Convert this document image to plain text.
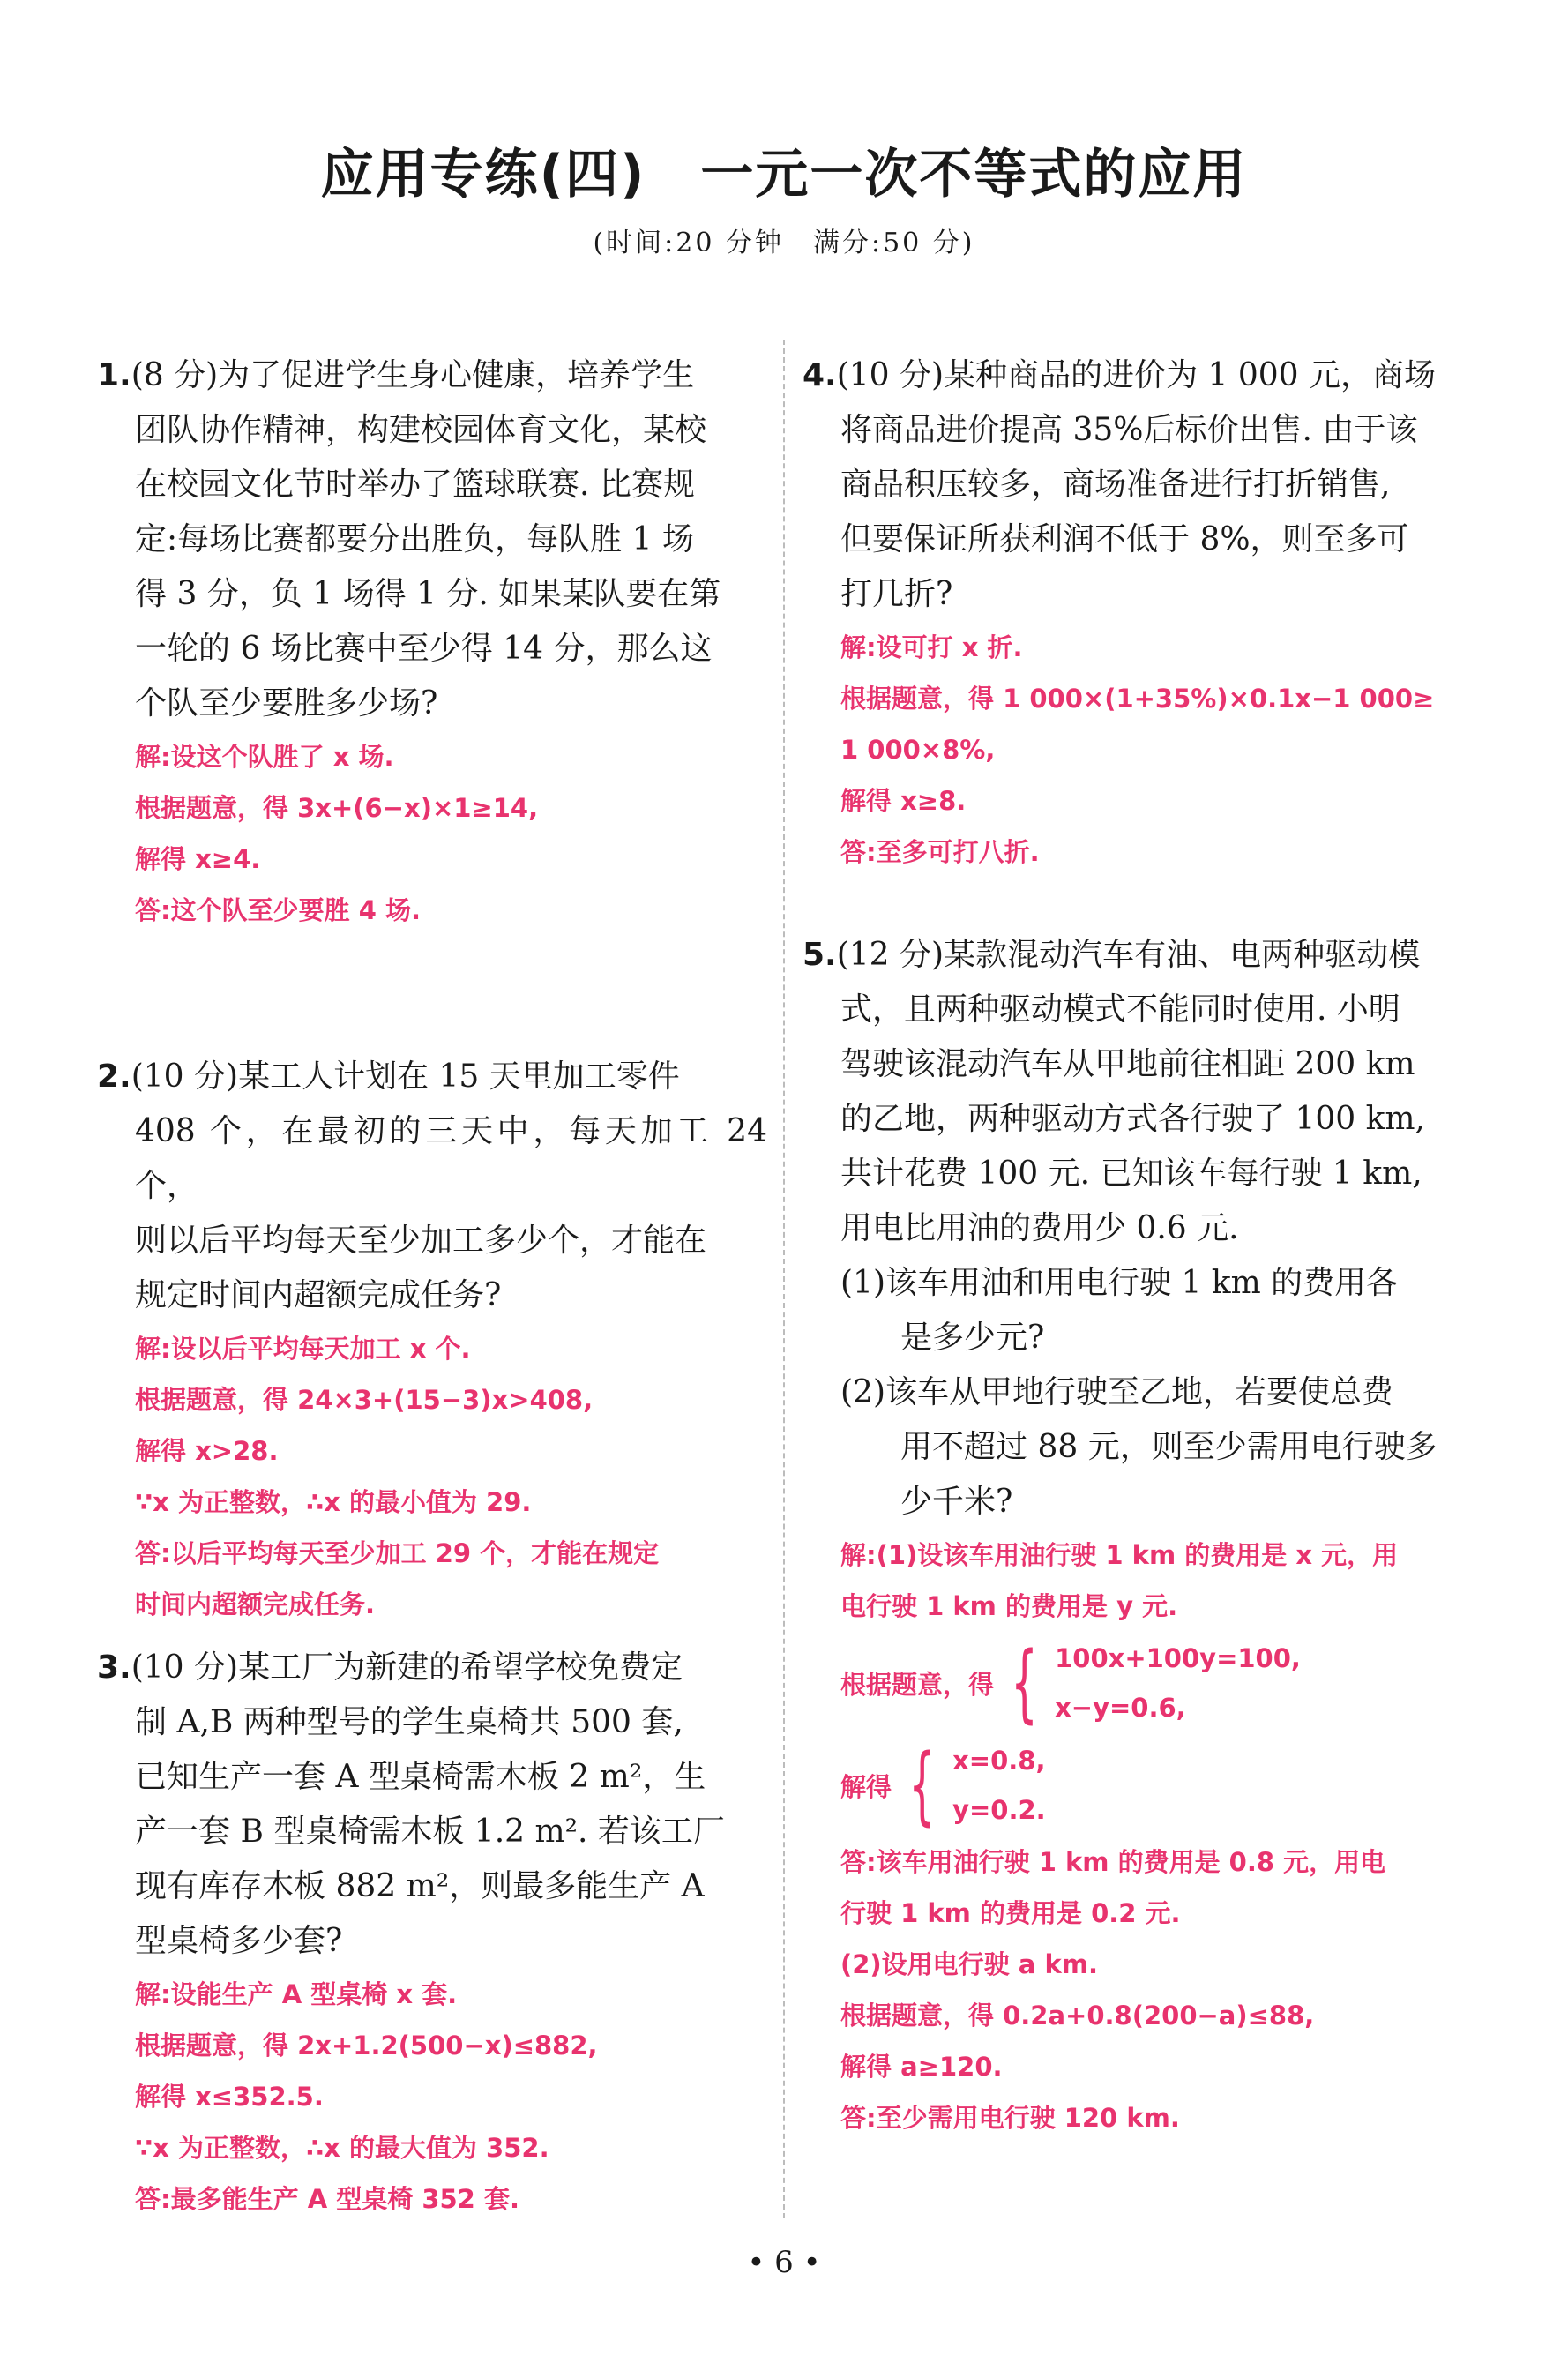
应用专练(四)　一元一次不等式的应用
(时间:20 分钟　满分:50 分)
1.(8 分)为了促进学生身心健康，培养学生
团队协作精神，构建校园体育文化，某校
在校园文化节时举办了篮球联赛. 比赛规
定:每场比赛都要分出胜负，每队胜 1 场
得 3 分，负 1 场得 1 分. 如果某队要在第
一轮的 6 场比赛中至少得 14 分，那么这
个队至少要胜多少场?
解:设这个队胜了 x 场.
根据题意，得 3x+(6−x)×1≥14,
解得 x≥4.
答:这个队至少要胜 4 场.
2.(10 分)某工人计划在 15 天里加工零件
408 个，在最初的三天中，每天加工 24 个，
则以后平均每天至少加工多少个，才能在
规定时间内超额完成任务?
解:设以后平均每天加工 x 个.
根据题意，得 24×3+(15−3)x>408,
解得 x>28.
∵x 为正整数，∴x 的最小值为 29.
答:以后平均每天至少加工 29 个，才能在规定
时间内超额完成任务.
3.(10 分)某工厂为新建的希望学校免费定
制 A,B 两种型号的学生桌椅共 500 套,
已知生产一套 A 型桌椅需木板 2 m²，生
产一套 B 型桌椅需木板 1.2 m². 若该工厂
现有库存木板 882 m²，则最多能生产 A
型桌椅多少套?
解:设能生产 A 型桌椅 x 套.
根据题意，得 2x+1.2(500−x)≤882,
解得 x≤352.5.
∵x 为正整数，∴x 的最大值为 352.
答:最多能生产 A 型桌椅 352 套.
4.(10 分)某种商品的进价为 1 000 元，商场
将商品进价提高 35%后标价出售. 由于该
商品积压较多，商场准备进行打折销售,
但要保证所获利润不低于 8%，则至多可
打几折?
解:设可打 x 折.
根据题意，得 1 000×(1+35%)×0.1x−1 000≥
1 000×8%,
解得 x≥8.
答:至多可打八折.
5.(12 分)某款混动汽车有油、电两种驱动模
式，且两种驱动模式不能同时使用. 小明
驾驶该混动汽车从甲地前往相距 200 km
的乙地，两种驱动方式各行驶了 100 km,
共计花费 100 元. 已知该车每行驶 1 km,
用电比用油的费用少 0.6 元.
(1)该车用油和用电行驶 1 km 的费用各
是多少元?
(2)该车从甲地行驶至乙地，若要使总费
用不超过 88 元，则至少需用电行驶多
少千米?
解:(1)设该车用油行驶 1 km 的费用是 x 元，用
电行驶 1 km 的费用是 y 元.
根据题意，得 { 100x+100y=100,
x−y=0.6,
解得 { x=0.8,
y=0.2.
答:该车用油行驶 1 km 的费用是 0.8 元，用电
行驶 1 km 的费用是 0.2 元.
(2)设用电行驶 a km.
根据题意，得 0.2a+0.8(200−a)≤88,
解得 a≥120.
答:至少需用电行驶 120 km.
• 6 •
